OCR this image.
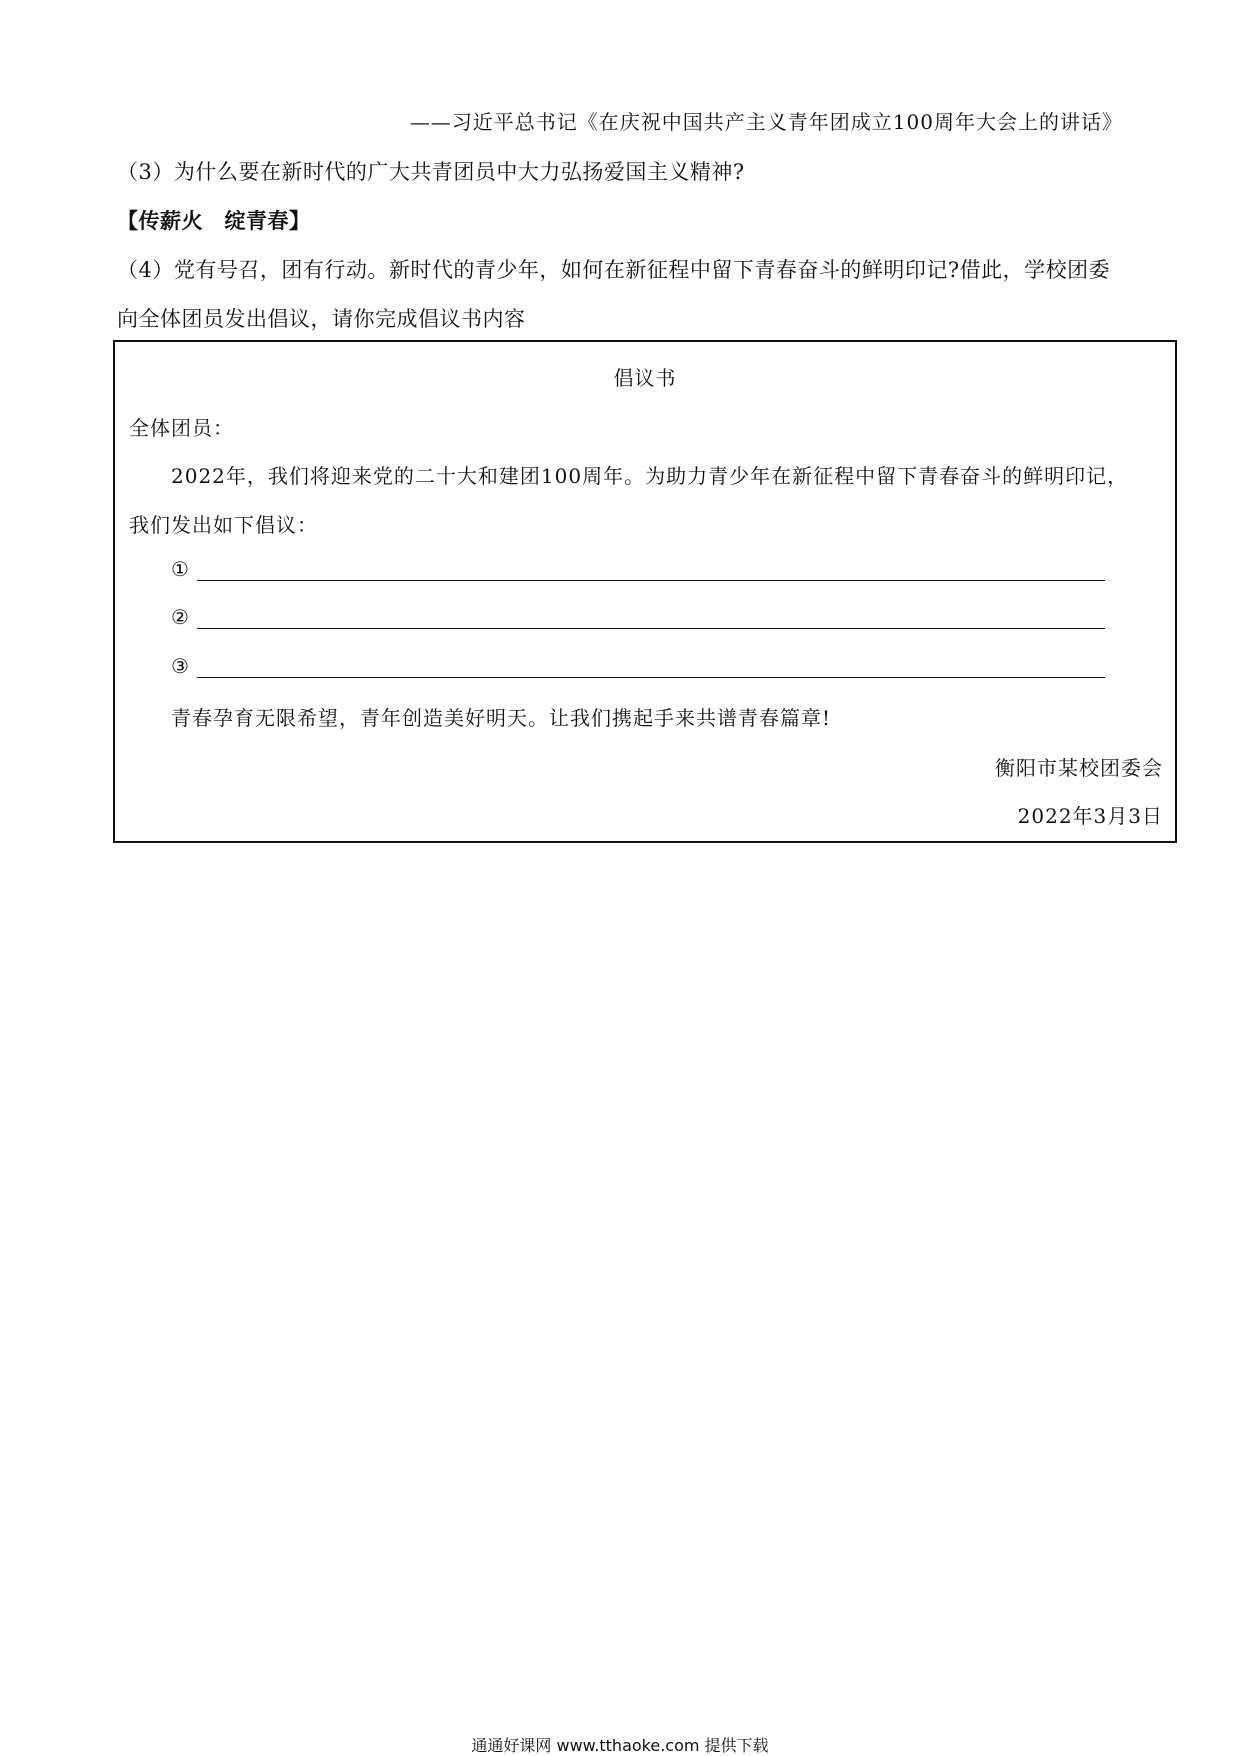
——习近平总书记《在庆祝中国共产主义青年团成立100周年大会上的讲话》
（3）为什么要在新时代的广大共青团员中大力弘扬爱国主义精神?
【传薪火　绽青春】
（4）党有号召，团有行动。新时代的青少年，如何在新征程中留下青春奋斗的鲜明印记?借此，学校团委
向全体团员发出倡议，请你完成倡议书内容
倡议书
全体团员：
2022年，我们将迎来党的二十大和建团100周年。为助力青少年在新征程中留下青春奋斗的鲜明印记，
我们发出如下倡议：
①
②
③
青春孕育无限希望，青年创造美好明天。让我们携起手来共谱青春篇章!
衡阳市某校团委会
2022年3月3日
通通好课网 www.tthaoke.com 提供下载
